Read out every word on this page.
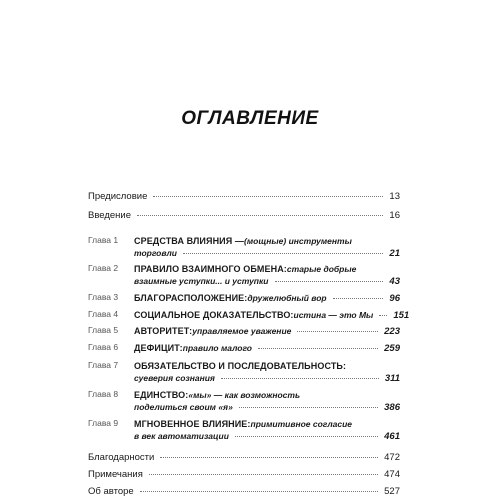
ОГЛАВЛЕНИЕ
Предисловие	13
Введение	16
Глава 1 СРЕДСТВА ВЛИЯНИЯ — (мощные) инструменты
торговли	21
Глава 2 ПРАВИЛО ВЗАИМНОГО ОБМЕНА: старые добрые
взаимные уступки... и уступки	43
Глава 3 БЛАГОРАСПОЛОЖЕНИЕ: дружелюбный вор	96
Глава 4 СОЦИАЛЬНОЕ ДОКАЗАТЕЛЬСТВО: истина — это Мы 151
Глава 5 АВТОРИТЕТ: управляемое уважение	223
Глава 6 ДЕФИЦИТ: правило малого	259
Глава 7 ОБЯЗАТЕЛЬСТВО И ПОСЛЕДОВАТЕЛЬНОСТЬ:
суеверия сознания	311
Глава 8 ЕДИНСТВО: «мы» — как возможность
поделиться своим «я»	386
Глава 9 МГНОВЕННОЕ ВЛИЯНИЕ: примитивное согласие
в век автоматизации	461
Благодарности	472
Примечания	474
Об авторе	527
